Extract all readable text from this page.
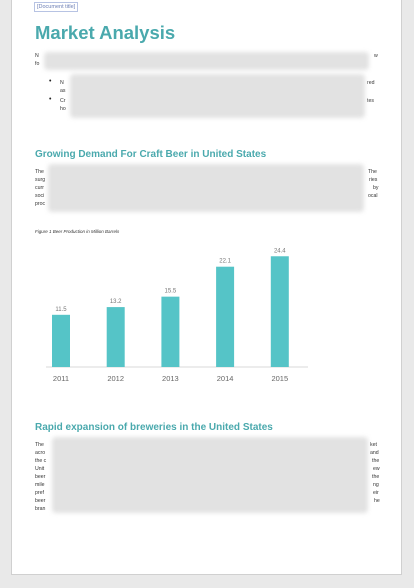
[Document title]
Market Analysis
N	w
fo
• N	red
as
• Cr	tes
ho
Growing Demand For Craft Beer in United States
The	The
surg	ries
curr	by
soci	ocal
proc
Figure 1 Beer Production in Million Barrels
11.5
2011
13.2
2012
15.5
2013
22.1
2014
24.4
2015
Rapid expansion of breweries in the United States
The	ket
acro	and
the c	the
Unit	ew
beer	the
mile	ng
pref	eir
beer	he
bran
